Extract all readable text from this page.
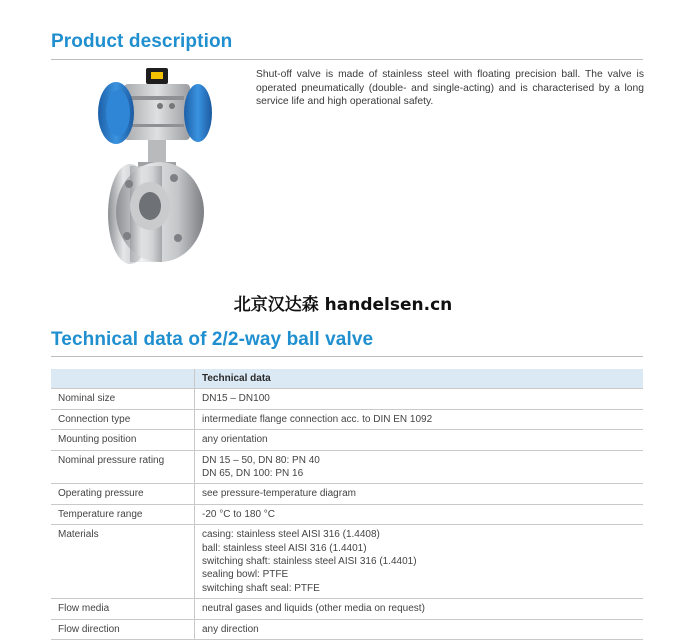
Product description

Shut-off valve is made of stainless steel with floating precision ball. The valve is operated pneumatically (double- and single-acting) and is characterised by a long service life and high operational safety.

北京汉达森 handelsen.cn
Technical data of 2/2-way ball valve
	Technical data
Nominal size	DN15 – DN100

Connection type	intermediate flange connection acc. to DIN EN 1092

Mounting position	any orientation

Nominal pressure rating	DN 15 – 50, DN 80: PN 40
DN 65, DN 100: PN 16

Operating pressure	see pressure-temperature diagram

Temperature range	-20 °C to 180 °C

Materials	casing: stainless steel AISI 316 (1.4408)
ball: stainless steel AISI 316 (1.4401)
switching shaft: stainless steel AISI 316 (1.4401)
sealing bowl: PTFE
switching shaft seal: PTFE

Flow media	neutral gases and liquids (other media on request)

Flow direction	any direction
